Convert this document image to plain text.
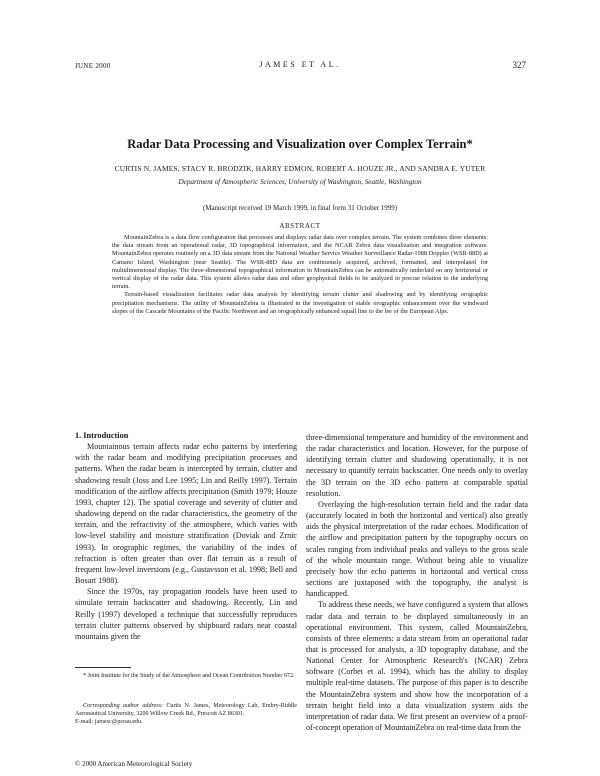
JUNE 2000	JAMES ET AL.	327
Radar Data Processing and Visualization over Complex Terrain*
CURTIS N. JAMES, STACY R. BRODZIK, HARRY EDMON, ROBERT A. HOUZE JR., AND SANDRA E. YUTER
Department of Atmospheric Sciences, University of Washington, Seattle, Washington
(Manuscript received 19 March 1999, in final form 31 October 1999)
ABSTRACT

MountainZebra is a data flow configuration that processes and displays radar data over complex terrain. The system combines three elements: the data stream from an operational radar, 3D topographical information, and the NCAR Zebra data visualization and integration software. MountainZebra operates routinely on a 3D data stream from the National Weather Service Weather Surveillance Radar-1988 Doppler (WSR-88D) at Camano Island, Washington (near Seattle). The WSR-88D data are continuously acquired, archived, formatted, and interpolated for multidimensional display. The three-dimensional topographical information in MountainZebra can be automatically underlaid on any horizontal or vertical display of the radar data. This system allows radar data and other geophysical fields to be analyzed in precise relation to the underlying terrain.

Terrain-based visualization facilitates radar data analysis by identifying terrain clutter and shadowing and by identifying orographic precipitation mechanisms. The utility of MountainZebra is illustrated in the investigation of stable orographic enhancement over the windward slopes of the Cascade Mountains of the Pacific Northwest and an orographically enhanced squall line to the lee of the European Alps.

1. Introduction

Mountainous terrain affects radar echo patterns by interfering with the radar beam and modifying precipitation processes and patterns. When the radar beam is intercepted by terrain, clutter and shadowing result (Joss and Lee 1995; Lin and Reilly 1997). Terrain modification of the airflow affects precipitation (Smith 1979; Houze 1993, chapter 12). The spatial coverage and severity of clutter and shadowing depend on the radar characteristics, the geometry of the terrain, and the refractivity of the atmosphere, which varies with low-level stability and moisture stratification (Doviak and Zrnic 1993). In orographic regimes, the variability of the index of refraction is often greater than over flat terrain as a result of frequent low-level inversions (e.g., Gustavsson et al. 1998; Bell and Bosart 1988).

Since the 1970s, ray propagation models have been used to simulate terrain backscatter and shadowing. Recently, Lin and Reilly (1997) developed a technique that successfully reproduces terrain clutter patterns observed by shipboard radars near coastal mountains given the

three-dimensional temperature and humidity of the environment and the radar characteristics and location. However, for the purpose of identifying terrain clutter and shadowing operationally, it is not necessary to quantify terrain backscatter. One needs only to overlay the 3D terrain on the 3D echo pattern at comparable spatial resolution.

Overlaying the high-resolution terrain field and the radar data (accurately located in both the horizontal and vertical) also greatly aids the physical interpretation of the radar echoes. Modification of the airflow and precipitation pattern by the topography occurs on scales ranging from individual peaks and valleys to the gross scale of the whole mountain range. Without being able to visualize precisely how the echo patterns in horizontal and vertical cross sections are juxtaposed with the topography, the analyst is handicapped.

To address these needs, we have configured a system that allows radar data and terrain to be displayed simultaneously in an operational environment. This system, called MountainZebra, consists of three elements: a data stream from an operational radar that is processed for analysis, a 3D topography database, and the National Center for Atmospheric Research's (NCAR) Zebra software (Corbet et al. 1994), which has the ability to display multiple real-time datasets. The purpose of this paper is to describe the MountainZebra system and show how the incorporation of a terrain height field into a data visualization system aids the interpretation of radar data. We first present an overview of a proof-of-concept operation of MountainZebra on real-time data from the

* Joint Institute for the Study of the Atmosphere and Ocean Contribution Number 672.

Corresponding author address: Curtis N. James, Meteorology Lab, Embry-Riddle Aeronautical University, 3200 Willow Creek Rd., Prescott AZ 86301.

E-mail: jamesc@pcrau.edu.
© 2000 American Meteorological Society
